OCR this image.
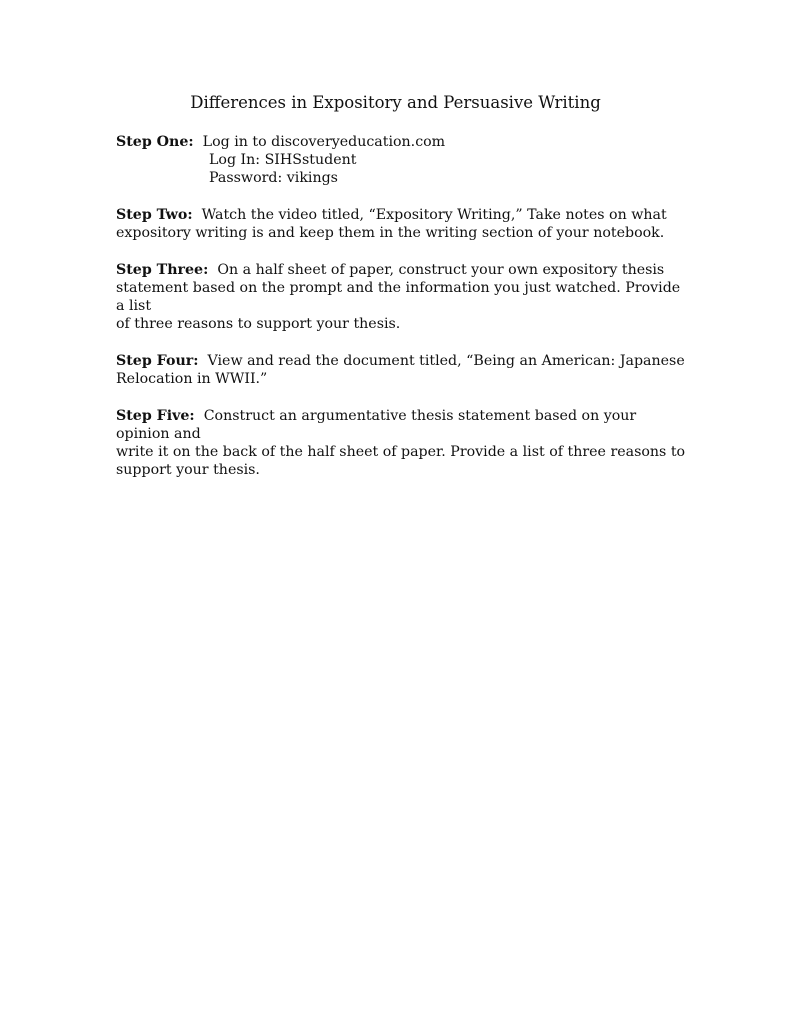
Differences in Expository and Persuasive Writing
Step One: Log in to discoveryeducation.com
Log In: SIHSstudent
Password: vikings
Step Two: Watch the video titled, “Expository Writing,” Take notes on what
expository writing is and keep them in the writing section of your notebook.
Step Three: On a half sheet of paper, construct your own expository thesis
statement based on the prompt and the information you just watched. Provide a list
of three reasons to support your thesis.
Step Four: View and read the document titled, “Being an American: Japanese
Relocation in WWII.”
Step Five: Construct an argumentative thesis statement based on your opinion and
write it on the back of the half sheet of paper. Provide a list of three reasons to
support your thesis.
